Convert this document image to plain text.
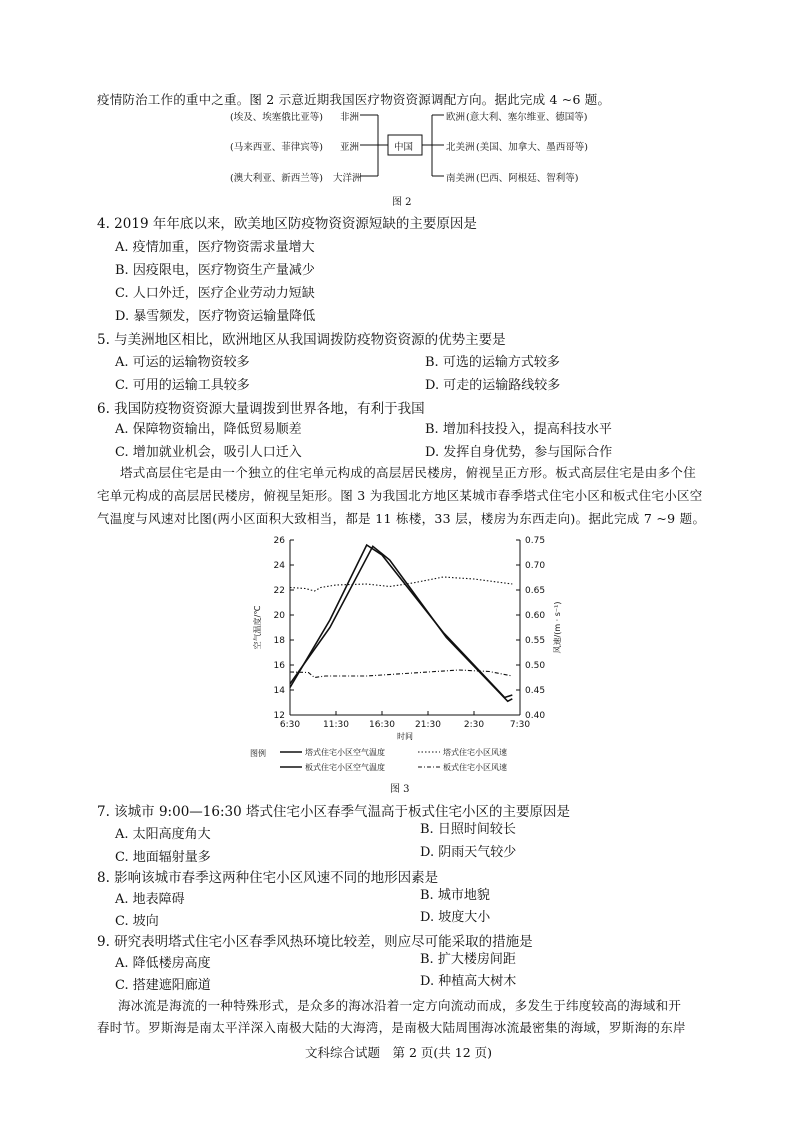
疫情防治工作的重中之重。图 2 示意近期我国医疗物资资源调配方向。据此完成 4 ~6 题。
中国
(埃及、埃塞俄比亚等) 非洲
(马来西亚、菲律宾等) 亚洲
(澳大利亚、新西兰等) 大洋洲
欧洲 (意大利、塞尔维亚、德国等)
北美洲 (美国、加拿大、墨西哥等)
南美洲 (巴西、阿根廷、智利等)
图 2
4. 2019 年年底以来，欧美地区防疫物资资源短缺的主要原因是
A. 疫情加重，医疗物资需求量增大
B. 因疫限电，医疗物资生产量减少
C. 人口外迁，医疗企业劳动力短缺
D. 暴雪频发，医疗物资运输量降低
5. 与美洲地区相比，欧洲地区从我国调拨防疫物资资源的优势主要是
A. 可运的运输物资较多	B. 可选的运输方式较多
C. 可用的运输工具较多	D. 可走的运输路线较多
6. 我国防疫物资资源大量调拨到世界各地，有利于我国
A. 保障物资输出，降低贸易顺差	B. 增加科技投入，提高科技水平
C. 增加就业机会，吸引人口迁入	D. 发挥自身优势，参与国际合作
塔式高层住宅是由一个独立的住宅单元构成的高层居民楼房，俯视呈正方形。板式高层住宅是由多个住
宅单元构成的高层居民楼房，俯视呈矩形。图 3 为我国北方地区某城市春季塔式住宅小区和板式住宅小区空
气温度与风速对比图(两小区面积大致相当，都是 11 栋楼，33 层，楼房为东西走向)。据此完成 7 ~9 题。
12
14
16
18
20
22
24
26
0.40
0.45
0.50
0.55
0.60
0.65
0.70
0.75
6:30	11:30 16:30 21:30	2:30	7:30
时间
空气温度/℃	风速/(m · s⁻¹)
图例	塔式住宅小区空气温度
板式住宅小区空气温度
塔式住宅小区风速
板式住宅小区风速
图 3
7. 该城市 9:00—16:30 塔式住宅小区春季气温高于板式住宅小区的主要原因是
A. 太阳高度角大	B. 日照时间较长
C. 地面辐射量多	D. 阴雨天气较少
8. 影响该城市春季这两种住宅小区风速不同的地形因素是
A. 地表障碍	B. 城市地貌
C. 坡向	D. 坡度大小
9. 研究表明塔式住宅小区春季风热环境比较差，则应尽可能采取的措施是
A. 降低楼房高度	B. 扩大楼房间距
C. 搭建遮阳廊道	D. 种植高大树木
海冰流是海流的一种特殊形式，是众多的海冰沿着一定方向流动而成，多发生于纬度较高的海域和开
春时节。罗斯海是南太平洋深入南极大陆的大海湾，是南极大陆周围海冰流最密集的海域，罗斯海的东岸
文科综合试题　第 2 页(共 12 页)
